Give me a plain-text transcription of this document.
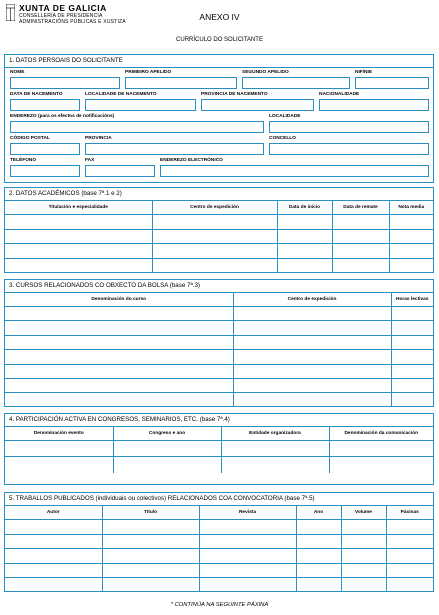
XUNTA DE GALICIA
CONSELLERÍA DE PRESIDENCIA
ADMINISTRACIÓNS PÚBLICAS E XUSTIZA	ANEXO IV
CURRÍCULO DO SOLICITANTE
1. DATOS PERSOAIS DO SOLICITANTE
NOME	PRIMEIRO APELIDO	SEGUNDO APELIDO	NIF/NIE
DATA DE NACEMENTO	LOCALIDADE DE NACEMENTO	PROVINCIA DE NACEMENTO	NACIONALIDADE
ENDEREZO (para os efectos de notificacións)	LOCALIDADE
CÓDIGO POSTAL	PROVINCIA	CONCELLO
TELÉFONO	FAX	ENDEREZO ELECTRÓNICO
2. DATOS ACADÉMICOS (base 7ª.1 e 2)
Titulación e especialidade	Centro de expedición	Data de inicio	Data de remate	Nota media

3. CURSOS RELACIONADOS CO OBXECTO DA BOLSA (base 7ª.3)
Denominación do curso	Centro de expedición	Horas lectivas

4. PARTICIPACIÓN ACTIVA EN CONGRESOS, SEMINARIOS, ETC. (base 7ª.4)
Denominación evento	Congreso e ano	Entidade organizadora	Denominación da comunicación

5. TRABALLOS PUBLICADOS (individuais ou colectivos) RELACIONADOS COA CONVOCATORIA (base 7ª.5)
Autor	Título	Revista	Ano	Volume	Páxinas

* CONTINÚA NA SEGUINTE PÁXINA
